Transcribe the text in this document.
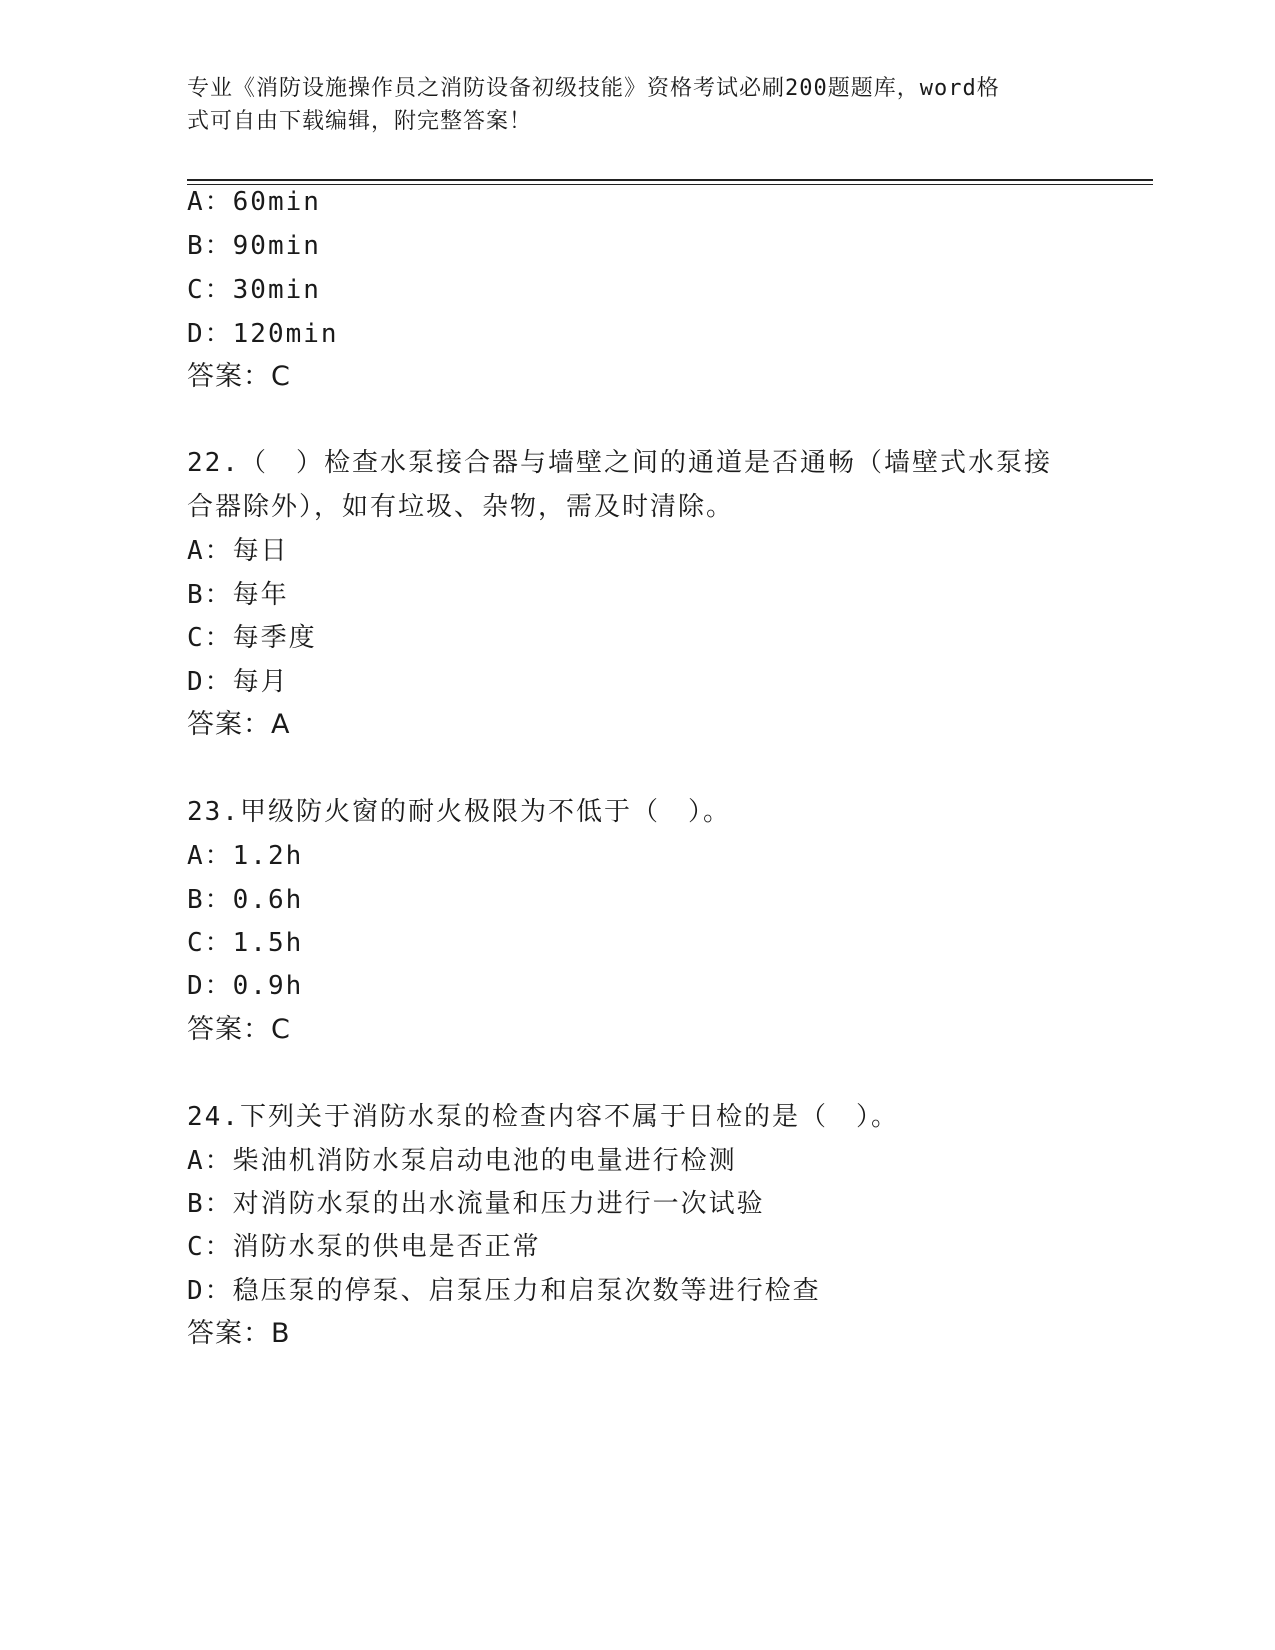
专业《消防设施操作员之消防设备初级技能》资格考试必刷200题题库，word格
式可自由下载编辑，附完整答案！
A：60min
B：90min
C：30min
D：120min
答案：C
22.（　）检查水泵接合器与墙壁之间的通道是否通畅（墙壁式水泵接
合器除外），如有垃圾、杂物，需及时清除。
A：每日
B：每年
C：每季度
D：每月
答案：A
23.甲级防火窗的耐火极限为不低于（　）。
A：1.2h
B：0.6h
C：1.5h
D：0.9h
答案：C
24.下列关于消防水泵的检查内容不属于日检的是（　）。
A：柴油机消防水泵启动电池的电量进行检测
B：对消防水泵的出水流量和压力进行一次试验
C：消防水泵的供电是否正常
D：稳压泵的停泵、启泵压力和启泵次数等进行检查
答案：B
